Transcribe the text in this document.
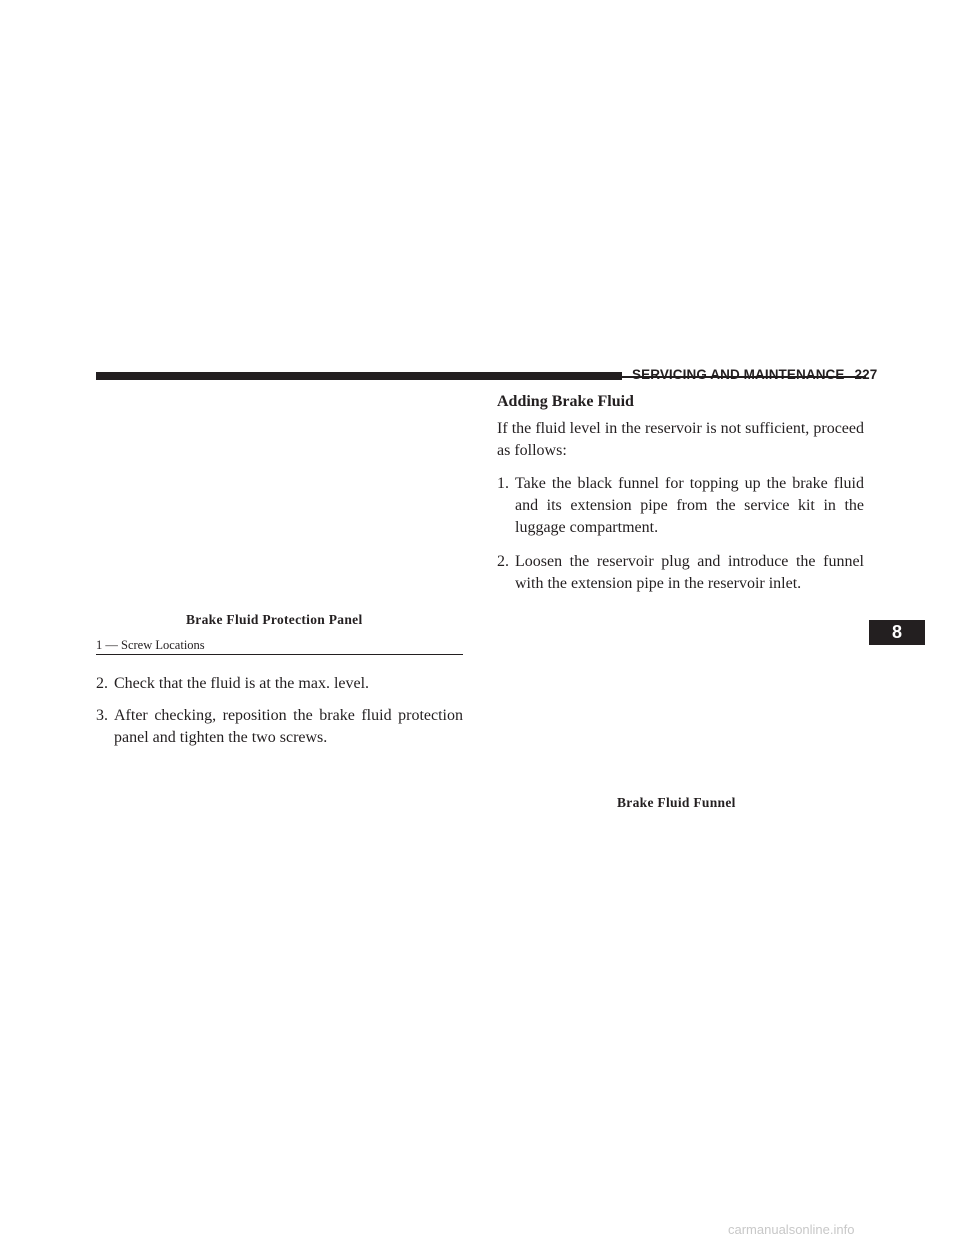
SERVICING AND MAINTENANCE 227
Brake Fluid Protection Panel
1 — Screw Locations

2. Check that the fluid is at the max. level.

3. After checking, reposition the brake fluid protection panel and tighten the two screws.

Adding Brake Fluid
If the fluid level in the reservoir is not sufficient, proceed as follows:

1. Take the black funnel for topping up the brake fluid and its extension pipe from the service kit in the luggage compartment.

2. Loosen the reservoir plug and introduce the funnel with the extension pipe in the reservoir inlet.

Brake Fluid Funnel
8
carmanualsonline.info
